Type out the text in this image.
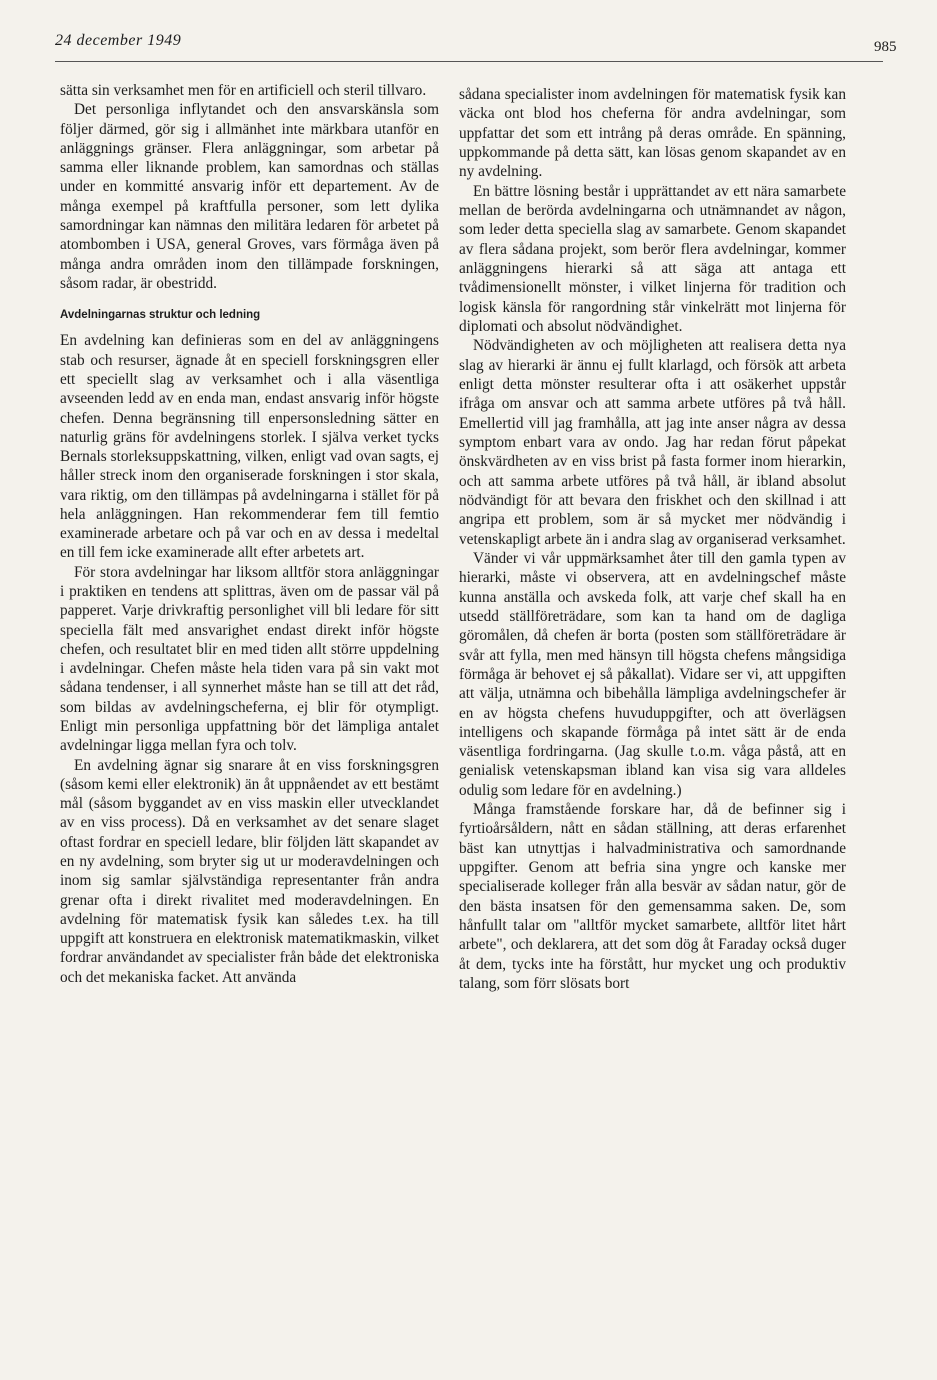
24 december 1949	985

sätta sin verksamhet men för en artificiell och steril tillvaro.

Det personliga inflytandet och den ansvarskänsla som följer därmed, gör sig i allmänhet inte märkbara utanför en anläggnings gränser. Flera anläggningar, som arbetar på samma eller liknande problem, kan samordnas och ställas under en kommitté ansvarig inför ett departement. Av de många exempel på kraftfulla personer, som lett dylika samordningar kan nämnas den militära ledaren för arbetet på atombomben i USA, general Groves, vars förmåga även på många andra områden inom den tillämpade forskningen, såsom radar, är obestridd.

Avdelningarnas struktur och ledning

En avdelning kan definieras som en del av anläggningens stab och resurser, ägnade åt en speciell forskningsgren eller ett speciellt slag av verksamhet och i alla väsentliga avseenden ledd av en enda man, endast ansvarig inför högste chefen. Denna begränsning till enpersonsledning sätter en naturlig gräns för avdelningens storlek. I själva verket tycks Bernals storleksuppskattning, vilken, enligt vad ovan sagts, ej håller streck inom den organiserade forskningen i stor skala, vara riktig, om den tillämpas på avdelningarna i stället för på hela anläggningen. Han rekommenderar fem till femtio examinerade arbetare och på var och en av dessa i medeltal en till fem icke examinerade allt efter arbetets art.

För stora avdelningar har liksom alltför stora anläggningar i praktiken en tendens att splittras, även om de passar väl på papperet. Varje drivkraftig personlighet vill bli ledare för sitt speciella fält med ansvarighet endast direkt inför högste chefen, och resultatet blir en med tiden allt större uppdelning i avdelningar. Chefen måste hela tiden vara på sin vakt mot sådana tendenser, i all synnerhet måste han se till att det råd, som bildas av avdelningscheferna, ej blir för otympligt. Enligt min personliga uppfattning bör det lämpliga antalet avdelningar ligga mellan fyra och tolv.

En avdelning ägnar sig snarare åt en viss forskningsgren (såsom kemi eller elektronik) än åt uppnåendet av ett bestämt mål (såsom byggandet av en viss maskin eller utvecklandet av en viss process). Då en verksamhet av det senare slaget oftast fordrar en speciell ledare, blir följden lätt skapandet av en ny avdelning, som bryter sig ut ur moderavdelningen och inom sig samlar självständiga representanter från andra grenar ofta i direkt rivalitet med moderavdelningen. En avdelning för matematisk fysik kan således t.ex. ha till uppgift att konstruera en elektronisk matematikmaskin, vilket fordrar användandet av specialister från både det elektroniska och det mekaniska facket. Att använda

sådana specialister inom avdelningen för matematisk fysik kan väcka ont blod hos cheferna för andra avdelningar, som uppfattar det som ett intrång på deras område. En spänning, uppkommande på detta sätt, kan lösas genom skapandet av en ny avdelning.

En bättre lösning består i upprättandet av ett nära samarbete mellan de berörda avdelningarna och utnämnandet av någon, som leder detta speciella slag av samarbete. Genom skapandet av flera sådana projekt, som berör flera avdelningar, kommer anläggningens hierarki så att säga att antaga ett tvådimensionellt mönster, i vilket linjerna för tradition och logisk känsla för rangordning står vinkelrätt mot linjerna för diplomati och absolut nödvändighet.

Nödvändigheten av och möjligheten att realisera detta nya slag av hierarki är ännu ej fullt klarlagd, och försök att arbeta enligt detta mönster resulterar ofta i att osäkerhet uppstår ifråga om ansvar och att samma arbete utföres på två håll. Emellertid vill jag framhålla, att jag inte anser några av dessa symptom enbart vara av ondo. Jag har redan förut påpekat önskvärdheten av en viss brist på fasta former inom hierarkin, och att samma arbete utföres på två håll, är ibland absolut nödvändigt för att bevara den friskhet och den skillnad i att angripa ett problem, som är så mycket mer nödvändig i vetenskapligt arbete än i andra slag av organiserad verksamhet.

Vänder vi vår uppmärksamhet åter till den gamla typen av hierarki, måste vi observera, att en avdelningschef måste kunna anställa och avskeda folk, att varje chef skall ha en utsedd ställföreträdare, som kan ta hand om de dagliga göromålen, då chefen är borta (posten som ställföreträdare är svår att fylla, men med hänsyn till högsta chefens mångsidiga förmåga är behovet ej så påkallat). Vidare ser vi, att uppgiften att välja, utnämna och bibehålla lämpliga avdelningschefer är en av högsta chefens huvuduppgifter, och att överlägsen intelligens och skapande förmåga på intet sätt är de enda väsentliga fordringarna. (Jag skulle t.o.m. våga påstå, att en genialisk vetenskapsman ibland kan visa sig vara alldeles odulig som ledare för en avdelning.)

Många framstående forskare har, då de befinner sig i fyrtioårsåldern, nått en sådan ställning, att deras erfarenhet bäst kan utnyttjas i halvadministrativa och samordnande uppgifter. Genom att befria sina yngre och kanske mer specialiserade kolleger från alla besvär av sådan natur, gör de den bästa insatsen för den gemensamma saken. De, som hånfullt talar om "alltför mycket samarbete, alltför litet hårt arbete", och deklarera, att det som dög åt Faraday också duger åt dem, tycks inte ha förstått, hur mycket ung och produktiv talang, som förr slösats bort
